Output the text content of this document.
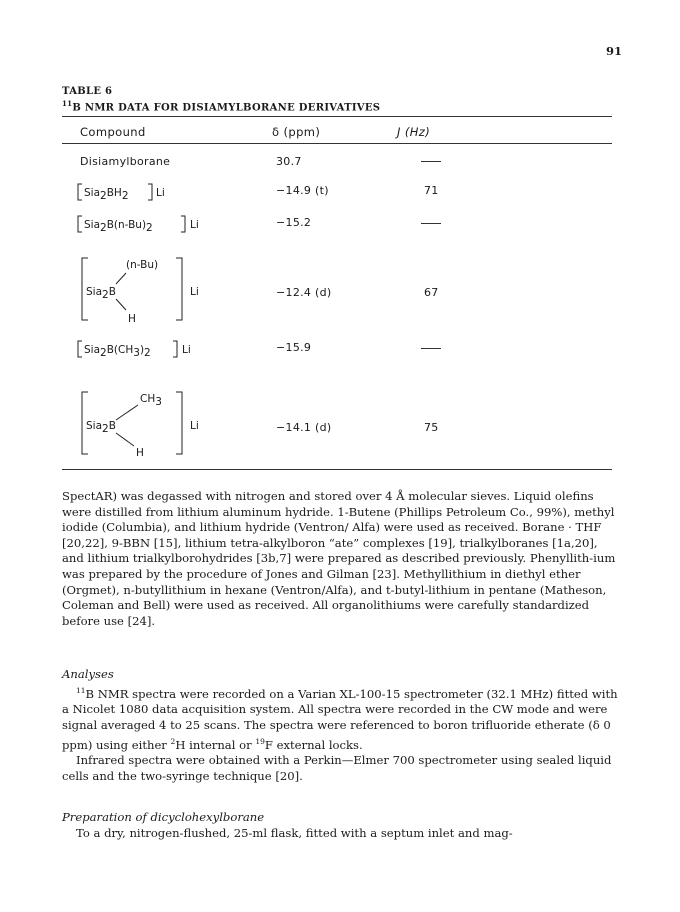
91
TABLE 6
$^{11}$B NMR DATA FOR DISIAMYLBORANE DERIVATIVES
Compound	δ (ppm)	J (Hz)
Disiamylborane	30.7
Sia2BH2	Li	−14.9 (t)	71
Sia2B(n-Bu)2	Li	−15.2
(n-Bu)
Sia2B
H
Li	−12.4 (d)	67
Sia2B(CH3)2	Li	−15.9
CH3
Sia2B
H
Li	−14.1 (d)	75

SpectAR) was degassed with nitrogen and stored over 4 Å molecular sieves. Liquid olefins were distilled from lithium aluminum hydride. 1-Butene (Phillips Petroleum Co., 99%), methyl iodide (Columbia), and lithium hydride (Ventron/ Alfa) were used as received. Borane · THF [20,22], 9-BBN [15], lithium tetra-alkylboron “ate” complexes [19], trialkylboranes [1a,20], and lithium trialkylborohydrides [3b,7] were prepared as described previously. Phenyllith-ium was prepared by the procedure of Jones and Gilman [23]. Methyllithium in diethyl ether (Orgmet), n-butyllithium in hexane (Ventron/Alfa), and t-butyl-lithium in pentane (Matheson, Coleman and Bell) were used as received. All organolithiums were carefully standardized before use [24].

Analyses

$^{11}$B NMR spectra were recorded on a Varian XL-100-15 spectrometer (32.1 MHz) fitted with a Nicolet 1080 data acquisition system. All spectra were recorded in the CW mode and were signal averaged 4 to 25 scans. The spectra were referenced to boron trifluoride etherate (δ 0 ppm) using either $^2$H internal or $^{19}$F external locks.

Infrared spectra were obtained with a Perkin—Elmer 700 spectrometer using sealed liquid cells and the two-syringe technique [20].

Preparation of dicyclohexylborane

To a dry, nitrogen-flushed, 25-ml flask, fitted with a septum inlet and mag-
